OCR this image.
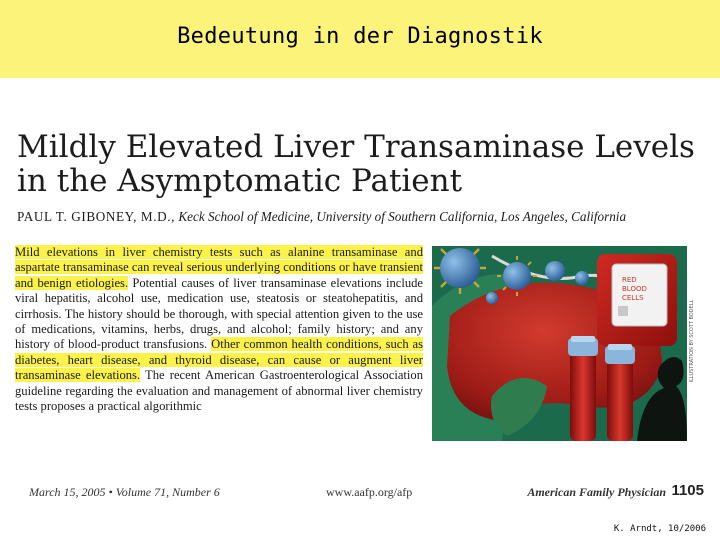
Bedeutung in der Diagnostik
Mildly Elevated Liver Transaminase Levels
in the Asymptomatic Patient
PAUL T. GIBONEY, M.D., Keck School of Medicine, University of Southern California, Los Angeles, California
Mild elevations in liver chemistry tests such as alanine transaminase and aspartate transaminase can reveal serious underlying conditions or have transient and benign etiologies. Potential causes of liver transaminase elevations include viral hepatitis, alcohol use, medication use, steatosis or steatohepatitis, and cirrhosis. The history should be thorough, with special attention given to the use of medications, vitamins, herbs, drugs, and alcohol; family history; and any history of blood-product transfusions. Other common health conditions, such as diabetes, heart disease, and thyroid disease, can cause or augment liver transaminase elevations. The recent American Gastroenterological Association guideline regarding the evaluation and management of abnormal liver chemistry tests proposes a practical algorithmic
RED
BLOOD
CELLS
ILLUSTRATION BY SCOTT BODELL
March 15, 2005 • Volume 71, Number 6	www.aafp.org/afp	American Family Physician 1105
K. Arndt, 10/2006
